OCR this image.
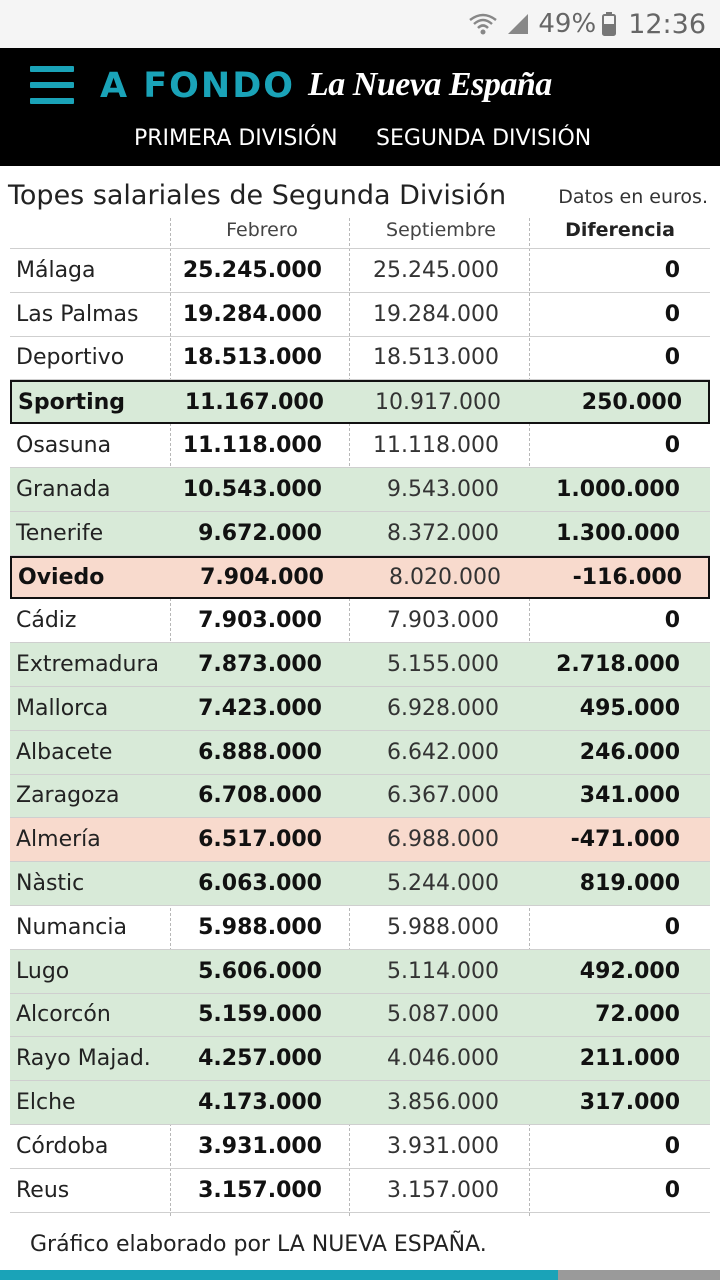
49% 12:36
A FONDO La Nueva España
PRIMERA DIVISIÓN SEGUNDA DIVISIÓN
Topes salariales de Segunda División	Datos en euros.
Febrero	Septiembre	Diferencia
Málaga	25.245.000	25.245.000	0
Las Palmas	19.284.000	19.284.000	0
Deportivo	18.513.000	18.513.000	0
Sporting	11.167.000	10.917.000	250.000
Osasuna	11.118.000	11.118.000	0
Granada	10.543.000	9.543.000	1.000.000
Tenerife	9.672.000	8.372.000	1.300.000
Oviedo	7.904.000	8.020.000	-116.000
Cádiz	7.903.000	7.903.000	0
Extremadura	7.873.000	5.155.000	2.718.000
Mallorca	7.423.000	6.928.000	495.000
Albacete	6.888.000	6.642.000	246.000
Zaragoza	6.708.000	6.367.000	341.000
Almería	6.517.000	6.988.000	-471.000
Nàstic	6.063.000	5.244.000	819.000
Numancia	5.988.000	5.988.000	0
Lugo	5.606.000	5.114.000	492.000
Alcorcón	5.159.000	5.087.000	72.000
Rayo Majad.	4.257.000	4.046.000	211.000
Elche	4.173.000	3.856.000	317.000
Córdoba	3.931.000	3.931.000	0
Reus	3.157.000	3.157.000	0
Gráfico elaborado por LA NUEVA ESPAÑA.
